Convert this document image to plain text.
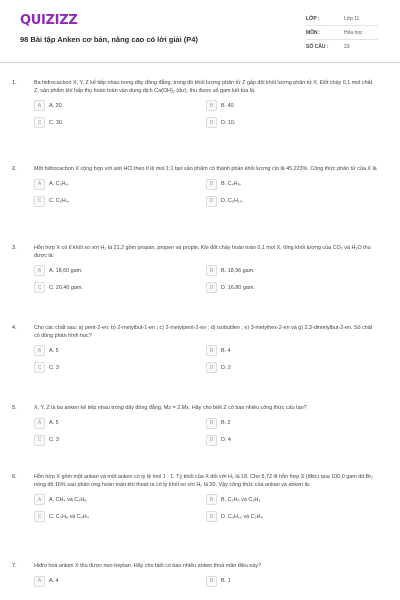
QUIZIZZ
98 Bài tập Anken cơ bản, nâng cao có lời giải (P4)
LỚP :	Lớp 11
MÔN :	Hóa học
SỐ CÂU :	23
1.	Ba hiđrocacbon X, Y, Z kế tiếp nhau trong dãy đồng đẳng, trong đó khối lượng phân tử Z gấp đôi khối lượng phân tử X. Đốt cháy 0,1 mol chất Z, sản phẩm khí hấp thụ hoàn toàn vào dung dịch Ca(OH)₂ (dư), thu được số gam kết tủa là:
A	A. 20.	B	B. 40
C	C. 30.	D	D. 10.
2.	Một hiđrocacbon X cộng hợp với axit HCl theo tỉ lệ mol 1:1 tạo sản phẩm có thành phần khối lượng clo là 45,223%. Công thức phân tử của X là
A	A. C₃H₆.	B	B. C₄H₈.
C	C. C₂H₄.	D	D. C₅H₁₀.
3.	Hỗn hợp X có tỉ khối so với H₂ là 21,2 gồm propan, propen và propin. Khi đốt cháy hoàn toàn 0,1 mol X, tổng khối lượng của CO₂ và H₂O thu được là:
A	A. 18,60 gam.	B	B. 18,96 gam.
C	C. 20,40 gam.	D	D. 16,80 gam.
4.	Cho các chất sau: a) pent-2-en; b) 2-metylbut-1-en ; c) 2-metylpent-2-en ; d) isobutilen ; e) 3-metylhex-2-en và g) 2,3-dimetylbut-2-en. Số chất có đồng phân hình học?
A	A. 5	B	B. 4
C	C. 3	D	D. 2
5.	X, Y, Z là ba anken kế tiếp nhau trong dãy đồng đẳng, Mz = 2.Mx. Hãy cho biết Z có bao nhiêu công thức cấu tạo?
A	A. 5	B	B. 2
C	C. 3	D	D. 4
6.	Hỗn hợp X gồm một ankan và một anken có tỷ lệ mol 1 : 1. Tỷ khối của X đối với H₂ là 18. Cho 6,72 lít hỗn hợp X (đktc) qua 100,0 gam dd Br₂ nồng độ 16% sau phản ứng hoàn toàn khí thoát ra có tỷ khối so với H₂ là 20. Vậy công thức của ankan và anken là:
A	A. CH₄ và C₄H₈	B	B. C₂H₆ và C₃H₆
C	C. C₃H₈ và C₂H₄	D	D. C₄H₁₀ và C₂H₄
7.	Hiđro hoá anken X thu được neo-heptan. Hãy cho biết có bao nhiêu anken thoả mãn điều này?
A	A. 4	B	B. 1
